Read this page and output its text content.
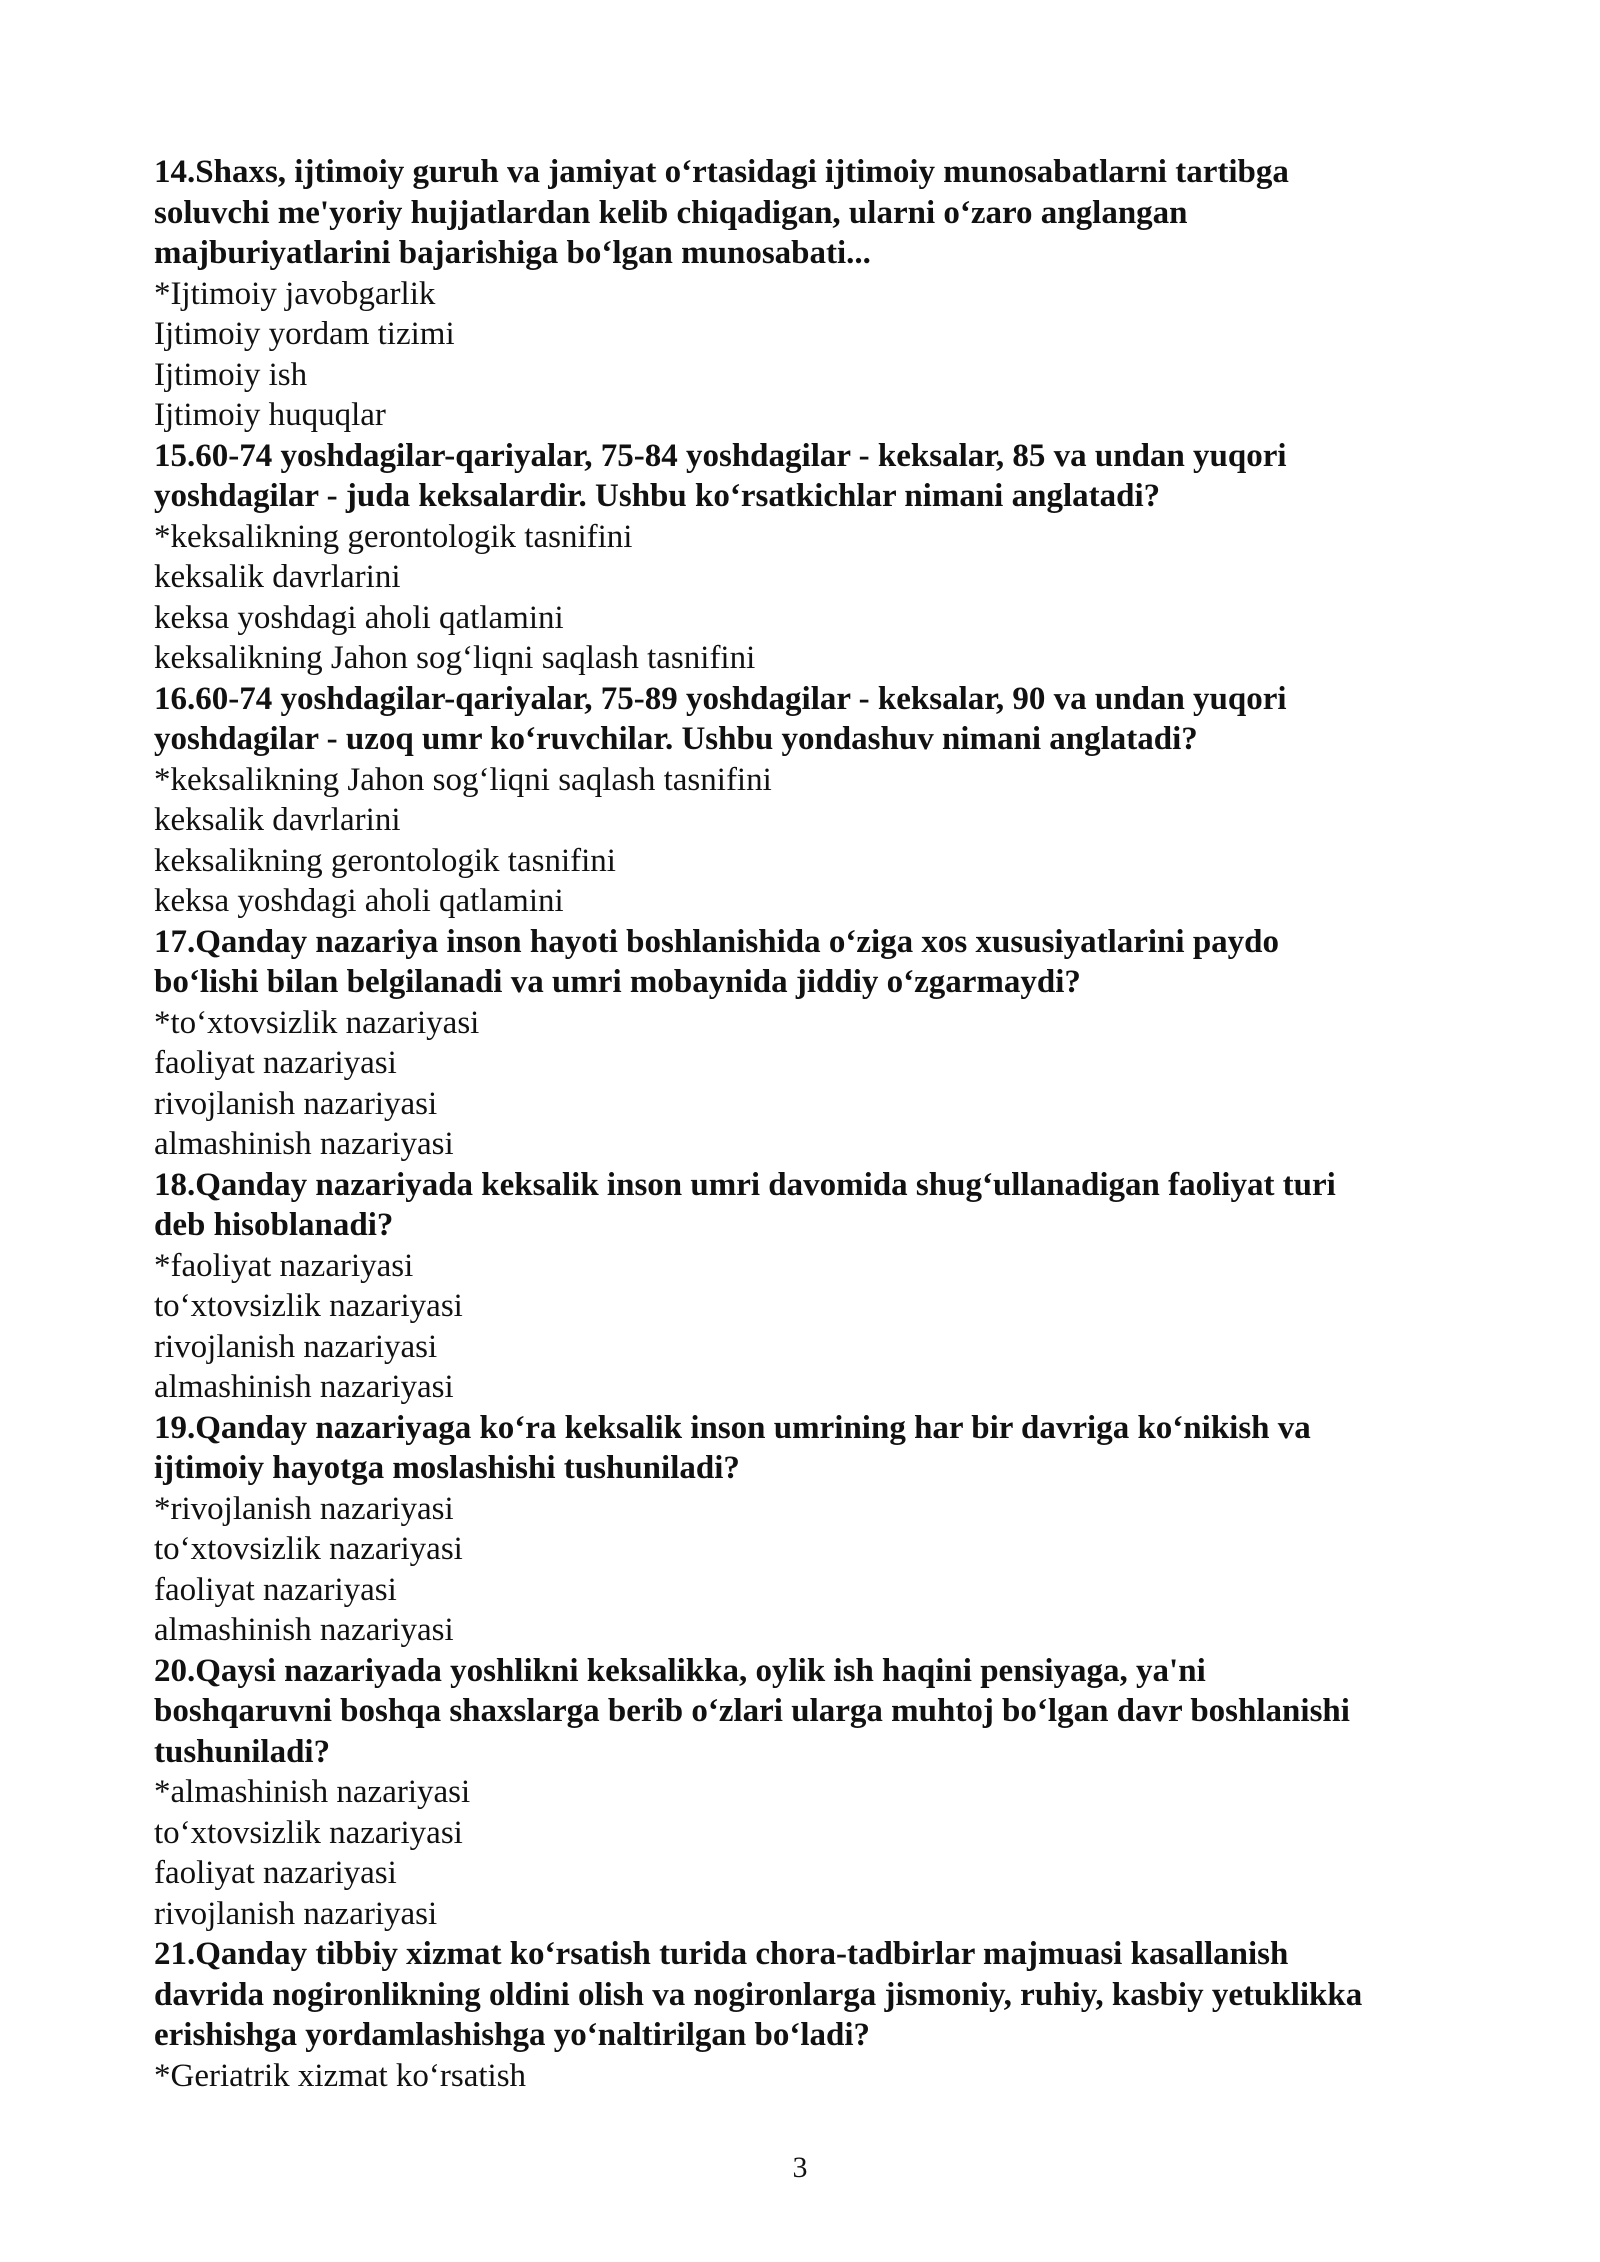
14.Shaxs, ijtimoiy guruh va jamiyat o‘rtasidagi ijtimoiy munosabatlarni tartibga
soluvchi me'yoriy hujjatlardan kelib chiqadigan, ularni o‘zaro anglangan
majburiyatlarini bajarishiga bo‘lgan munosabati...

*Ijtimoiy javobgarlik

Ijtimoiy yordam tizimi

Ijtimoiy ish

Ijtimoiy huquqlar

15.60-74 yoshdagilar-qariyalar, 75-84 yoshdagilar - keksalar, 85 va undan yuqori
yoshdagilar - juda keksalardir. Ushbu ko‘rsatkichlar nimani anglatadi?

*keksalikning gerontologik tasnifini

keksalik davrlarini

keksa yoshdagi aholi qatlamini

keksalikning Jahon sog‘liqni saqlash tasnifini

16.60-74 yoshdagilar-qariyalar, 75-89 yoshdagilar - keksalar, 90 va undan yuqori
yoshdagilar - uzoq umr ko‘ruvchilar. Ushbu yondashuv nimani anglatadi?

*keksalikning Jahon sog‘liqni saqlash tasnifini

keksalik davrlarini

keksalikning gerontologik tasnifini

keksa yoshdagi aholi qatlamini

17.Qanday nazariya inson hayoti boshlanishida o‘ziga xos xususiyatlarini paydo
bo‘lishi bilan belgilanadi va umri mobaynida jiddiy o‘zgarmaydi?

*to‘xtovsizlik nazariyasi

faoliyat nazariyasi

rivojlanish nazariyasi

almashinish nazariyasi

18.Qanday nazariyada keksalik inson umri davomida shug‘ullanadigan faoliyat turi
deb hisoblanadi?

*faoliyat nazariyasi

to‘xtovsizlik nazariyasi

rivojlanish nazariyasi

almashinish nazariyasi

19.Qanday nazariyaga ko‘ra keksalik inson umrining har bir davriga ko‘nikish va
ijtimoiy hayotga moslashishi tushuniladi?

*rivojlanish nazariyasi

to‘xtovsizlik nazariyasi

faoliyat nazariyasi

almashinish nazariyasi

20.Qaysi nazariyada yoshlikni keksalikka, oylik ish haqini pensiyaga, ya'ni
boshqaruvni boshqa shaxslarga berib o‘zlari ularga muhtoj bo‘lgan davr boshlanishi
tushuniladi?

*almashinish nazariyasi

to‘xtovsizlik nazariyasi

faoliyat nazariyasi

rivojlanish nazariyasi

21.Qanday tibbiy xizmat ko‘rsatish turida chora-tadbirlar majmuasi kasallanish
davrida nogironlikning oldini olish va nogironlarga jismoniy, ruhiy, kasbiy yetuklikka
erishishga yordamlashishga yo‘naltirilgan bo‘ladi?

*Geriatrik xizmat ko‘rsatish

3
